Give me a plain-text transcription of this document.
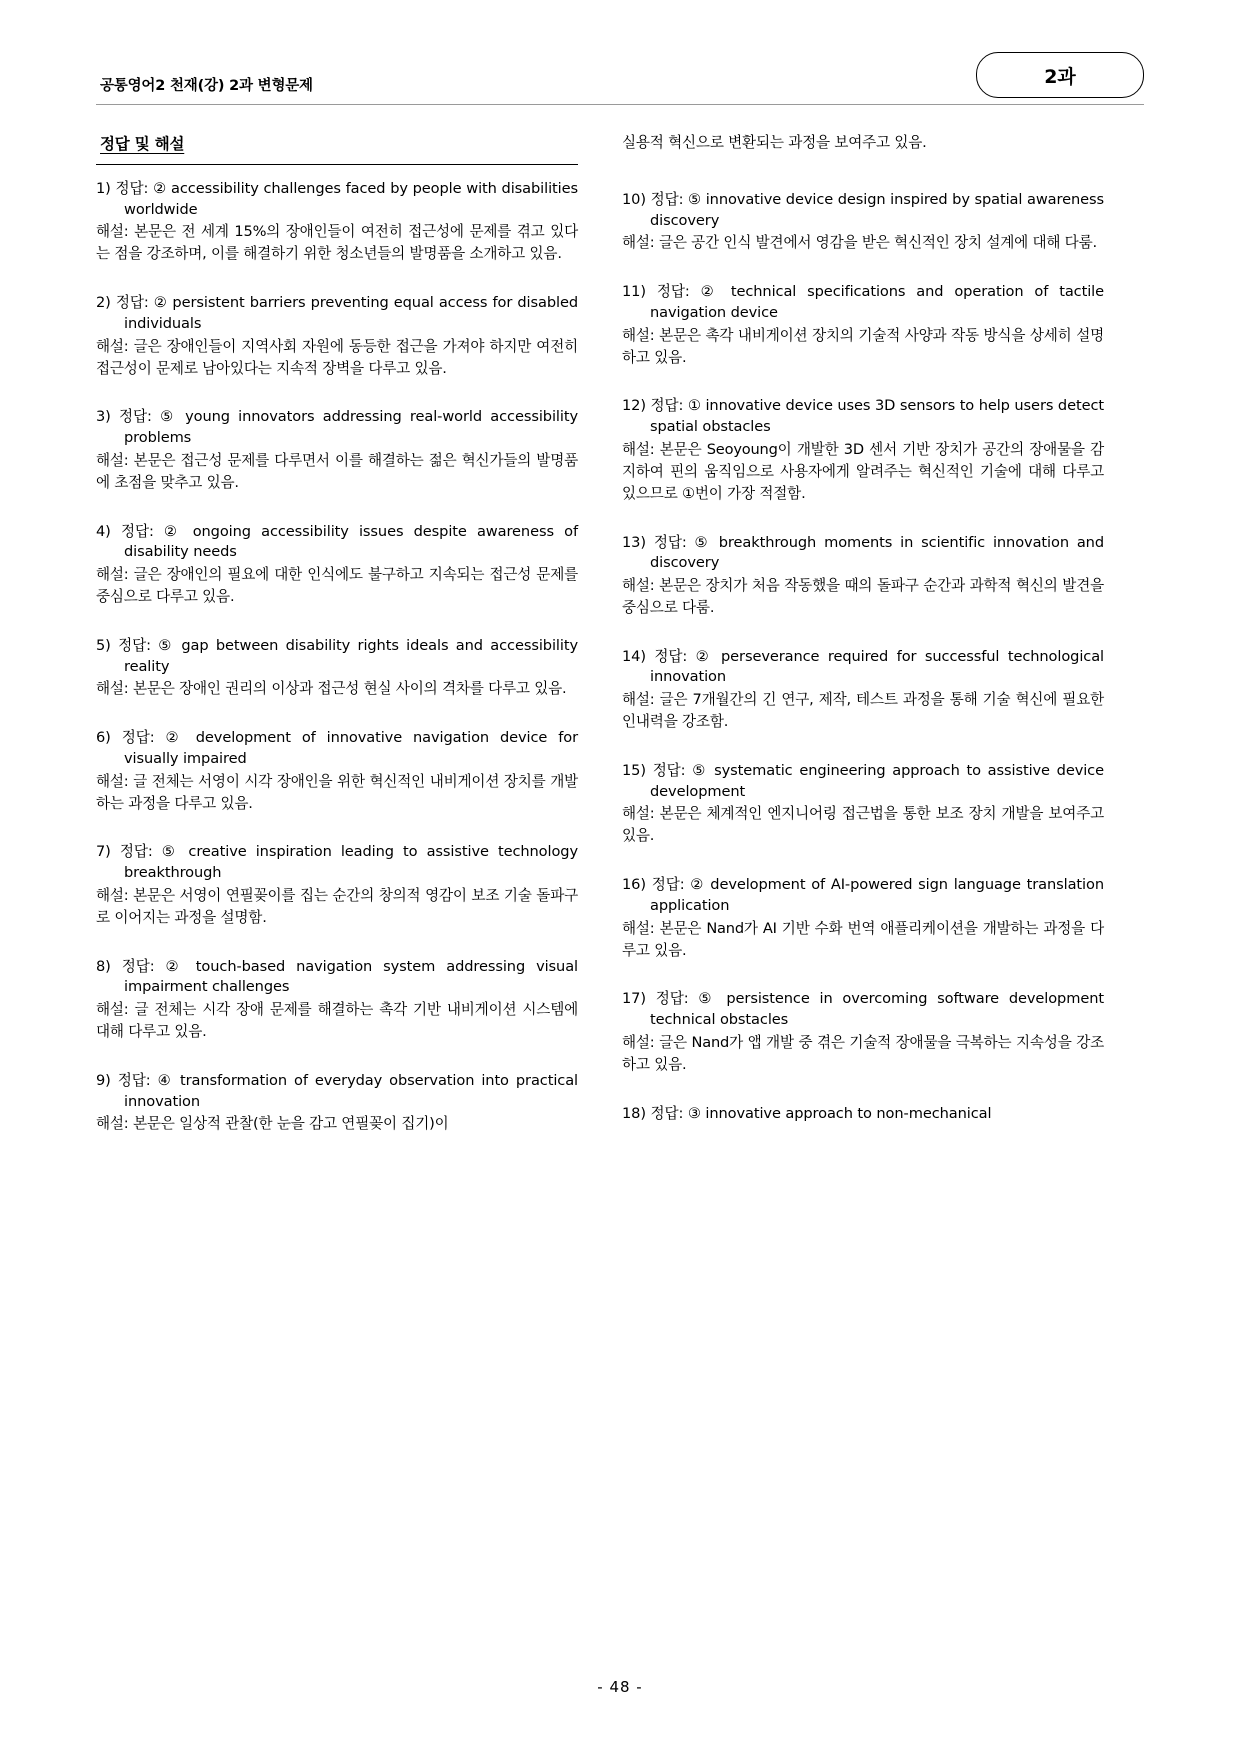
공통영어2 천재(강) 2과 변형문제	2과
정답 및 해설
1) 정답: ② accessibility challenges faced by people with disabilities worldwide
해설: 본문은 전 세계 15%의 장애인들이 여전히 접근성에 문제를 겪고 있다는 점을 강조하며, 이를 해결하기 위한 청소년들의 발명품을 소개하고 있음.
2) 정답: ② persistent barriers preventing equal access for disabled individuals
해설: 글은 장애인들이 지역사회 자원에 동등한 접근을 가져야 하지만 여전히 접근성이 문제로 남아있다는 지속적 장벽을 다루고 있음.
3) 정답: ⑤ young innovators addressing real-world accessibility problems
해설: 본문은 접근성 문제를 다루면서 이를 해결하는 젊은 혁신가들의 발명품에 초점을 맞추고 있음.
4) 정답: ② ongoing accessibility issues despite awareness of disability needs
해설: 글은 장애인의 필요에 대한 인식에도 불구하고 지속되는 접근성 문제를 중심으로 다루고 있음.
5) 정답: ⑤ gap between disability rights ideals and accessibility reality
해설: 본문은 장애인 권리의 이상과 접근성 현실 사이의 격차를 다루고 있음.
6) 정답: ② development of innovative navigation device for visually impaired
해설: 글 전체는 서영이 시각 장애인을 위한 혁신적인 내비게이션 장치를 개발하는 과정을 다루고 있음.
7) 정답: ⑤ creative inspiration leading to assistive technology breakthrough
해설: 본문은 서영이 연필꽂이를 집는 순간의 창의적 영감이 보조 기술 돌파구로 이어지는 과정을 설명함.
8) 정답: ② touch-based navigation system addressing visual impairment challenges
해설: 글 전체는 시각 장애 문제를 해결하는 촉각 기반 내비게이션 시스템에 대해 다루고 있음.
9) 정답: ④ transformation of everyday observation into practical innovation
해설: 본문은 일상적 관찰(한 눈을 감고 연필꽂이 집기)이
실용적 혁신으로 변환되는 과정을 보여주고 있음.
10) 정답: ⑤ innovative device design inspired by spatial awareness discovery
해설: 글은 공간 인식 발견에서 영감을 받은 혁신적인 장치 설계에 대해 다룸.
11) 정답: ② technical specifications and operation of tactile navigation device
해설: 본문은 촉각 내비게이션 장치의 기술적 사양과 작동 방식을 상세히 설명하고 있음.
12) 정답: ① innovative device uses 3D sensors to help users detect spatial obstacles
해설: 본문은 Seoyoung이 개발한 3D 센서 기반 장치가 공간의 장애물을 감지하여 핀의 움직임으로 사용자에게 알려주는 혁신적인 기술에 대해 다루고 있으므로 ①번이 가장 적절함.
13) 정답: ⑤ breakthrough moments in scientific innovation and discovery
해설: 본문은 장치가 처음 작동했을 때의 돌파구 순간과 과학적 혁신의 발견을 중심으로 다룸.
14) 정답: ② perseverance required for successful technological innovation
해설: 글은 7개월간의 긴 연구, 제작, 테스트 과정을 통해 기술 혁신에 필요한 인내력을 강조함.
15) 정답: ⑤ systematic engineering approach to assistive device development
해설: 본문은 체계적인 엔지니어링 접근법을 통한 보조 장치 개발을 보여주고 있음.
16) 정답: ② development of AI-powered sign language translation application
해설: 본문은 Nand가 AI 기반 수화 번역 애플리케이션을 개발하는 과정을 다루고 있음.
17) 정답: ⑤ persistence in overcoming software development technical obstacles
해설: 글은 Nand가 앱 개발 중 겪은 기술적 장애물을 극복하는 지속성을 강조하고 있음.
18) 정답: ③ innovative approach to non-mechanical
- 48 -
